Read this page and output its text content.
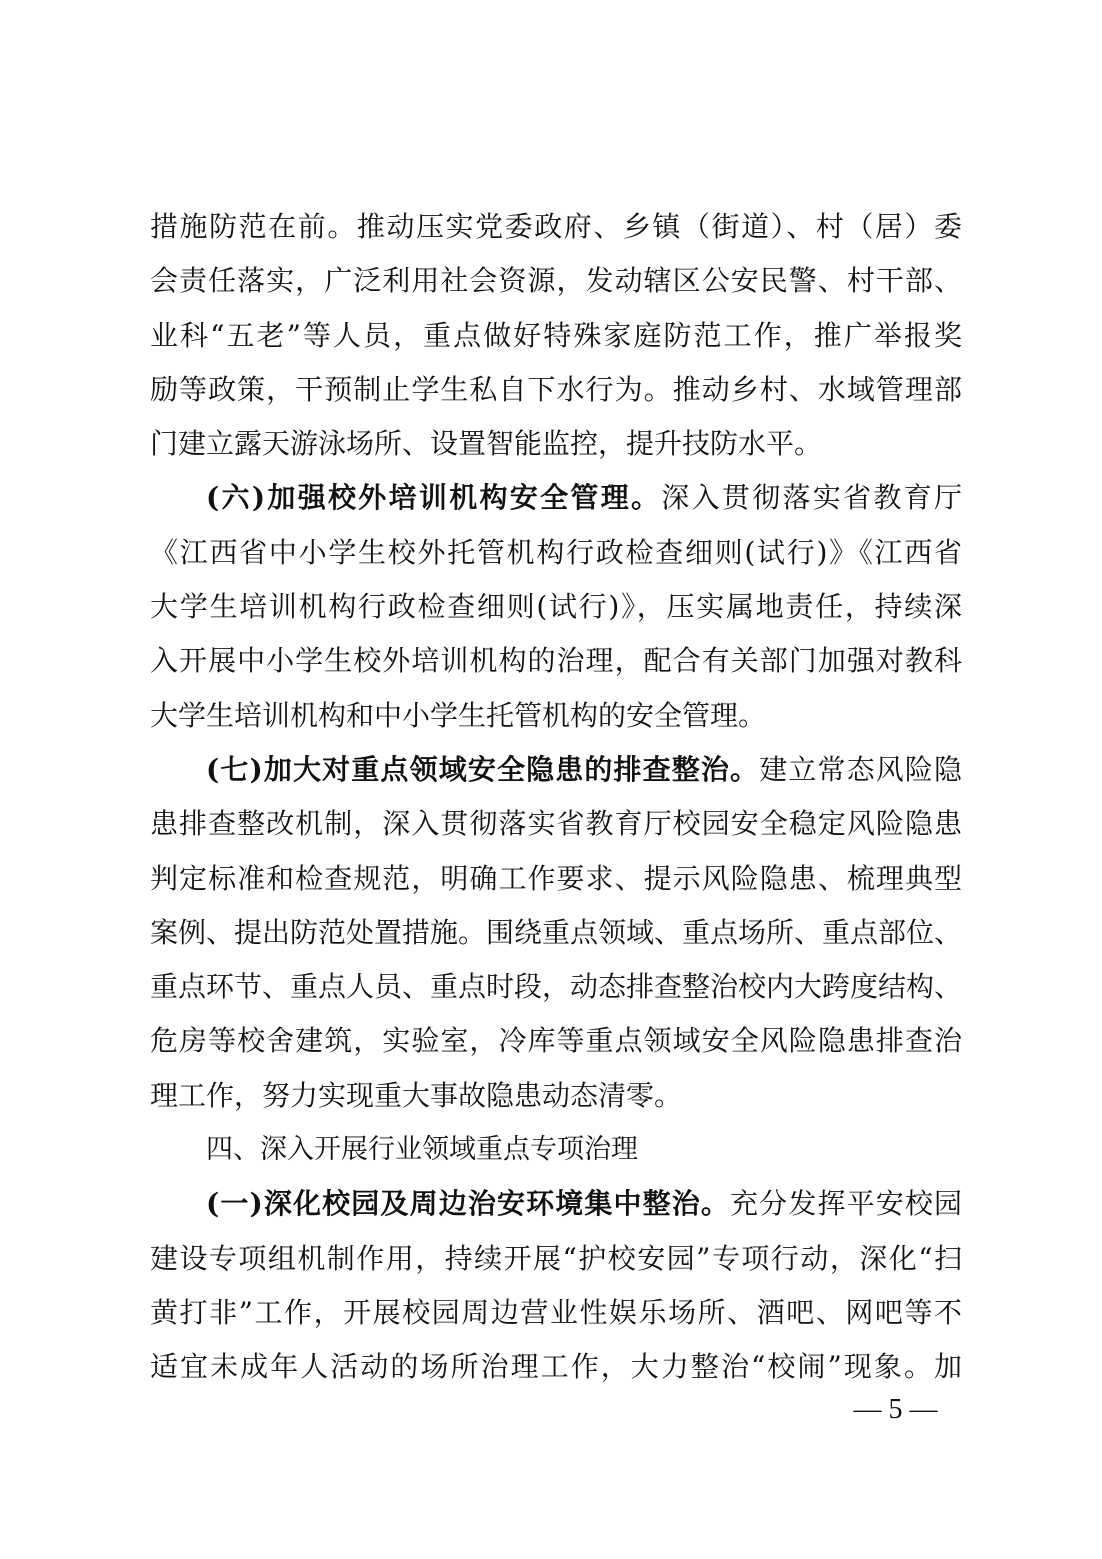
措施防范在前。推动压实党委政府、乡镇（街道）、村（居）委
会责任落实，广泛利用社会资源，发动辖区公安民警、村干部、
业科“五老”等人员，重点做好特殊家庭防范工作，推广举报奖
励等政策，干预制止学生私自下水行为。推动乡村、水域管理部
门建立露天游泳场所、设置智能监控，提升技防水平。
(六)加强校外培训机构安全管理。深入贯彻落实省教育厅
《江西省中小学生校外托管机构行政检查细则(试行)》《江西省
大学生培训机构行政检查细则(试行)》，压实属地责任，持续深
入开展中小学生校外培训机构的治理，配合有关部门加强对教科
大学生培训机构和中小学生托管机构的安全管理。
(七)加大对重点领域安全隐患的排查整治。建立常态风险隐
患排查整改机制，深入贯彻落实省教育厅校园安全稳定风险隐患
判定标准和检查规范，明确工作要求、提示风险隐患、梳理典型
案例、提出防范处置措施。围绕重点领域、重点场所、重点部位、
重点环节、重点人员、重点时段，动态排查整治校内大跨度结构、
危房等校舍建筑，实验室，冷库等重点领域安全风险隐患排查治
理工作，努力实现重大事故隐患动态清零。
四、深入开展行业领域重点专项治理
(一)深化校园及周边治安环境集中整治。充分发挥平安校园
建设专项组机制作用，持续开展“护校安园”专项行动，深化“扫
黄打非”工作，开展校园周边营业性娱乐场所、酒吧、网吧等不
适宜未成年人活动的场所治理工作，大力整治“校闹”现象。加
— 5 —
